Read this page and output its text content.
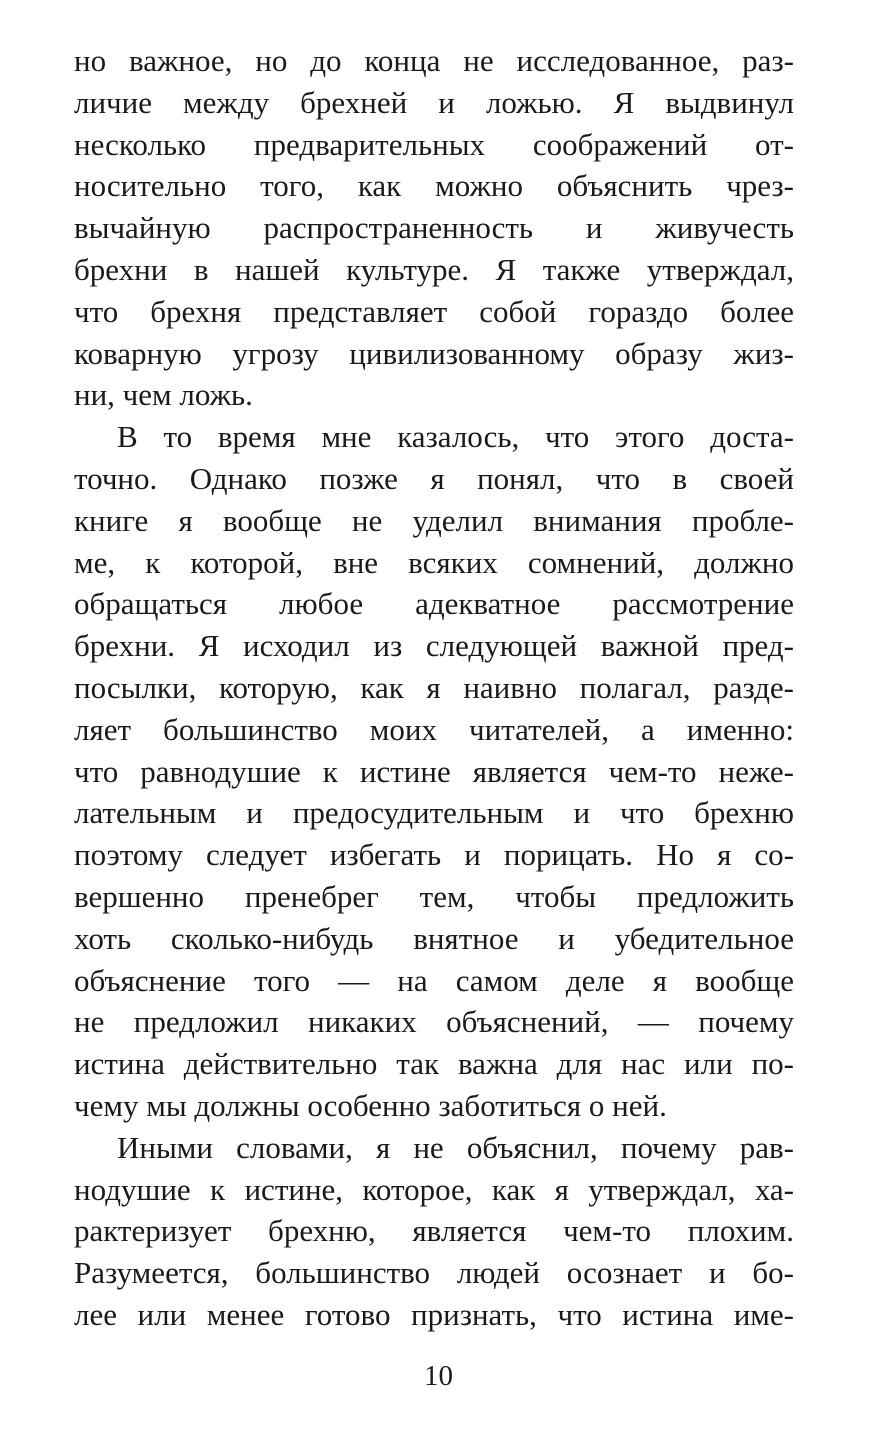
но важное, но до конца не исследованное, раз-
личие между брехней и ложью. Я выдвинул
несколько предварительных соображений от-
носительно того, как можно объяснить чрез-
вычайную распространенность и живучесть
брехни в нашей культуре. Я также утверждал,
что брехня представляет собой гораздо более
коварную угрозу цивилизованному образу жиз-
ни, чем ложь.
В то время мне казалось, что этого доста-
точно. Однако позже я понял, что в своей
книге я вообще не уделил внимания пробле-
ме, к которой, вне всяких сомнений, должно
обращаться любое адекватное рассмотрение
брехни. Я исходил из следующей важной пред-
посылки, которую, как я наивно полагал, разде-
ляет большинство моих читателей, а именно:
что равнодушие к истине является чем-то неже-
лательным и предосудительным и что брехню
поэтому следует избегать и порицать. Но я со-
вершенно пренебрег тем, чтобы предложить
хоть сколько-нибудь внятное и убедительное
объяснение того — на самом деле я вообще
не предложил никаких объяснений, — почему
истина действительно так важна для нас или по-
чему мы должны особенно заботиться о ней.
Иными словами, я не объяснил, почему рав-
нодушие к истине, которое, как я утверждал, ха-
рактеризует брехню, является чем-то плохим.
Разумеется, большинство людей осознает и бо-
лее или менее готово признать, что истина име-
10
